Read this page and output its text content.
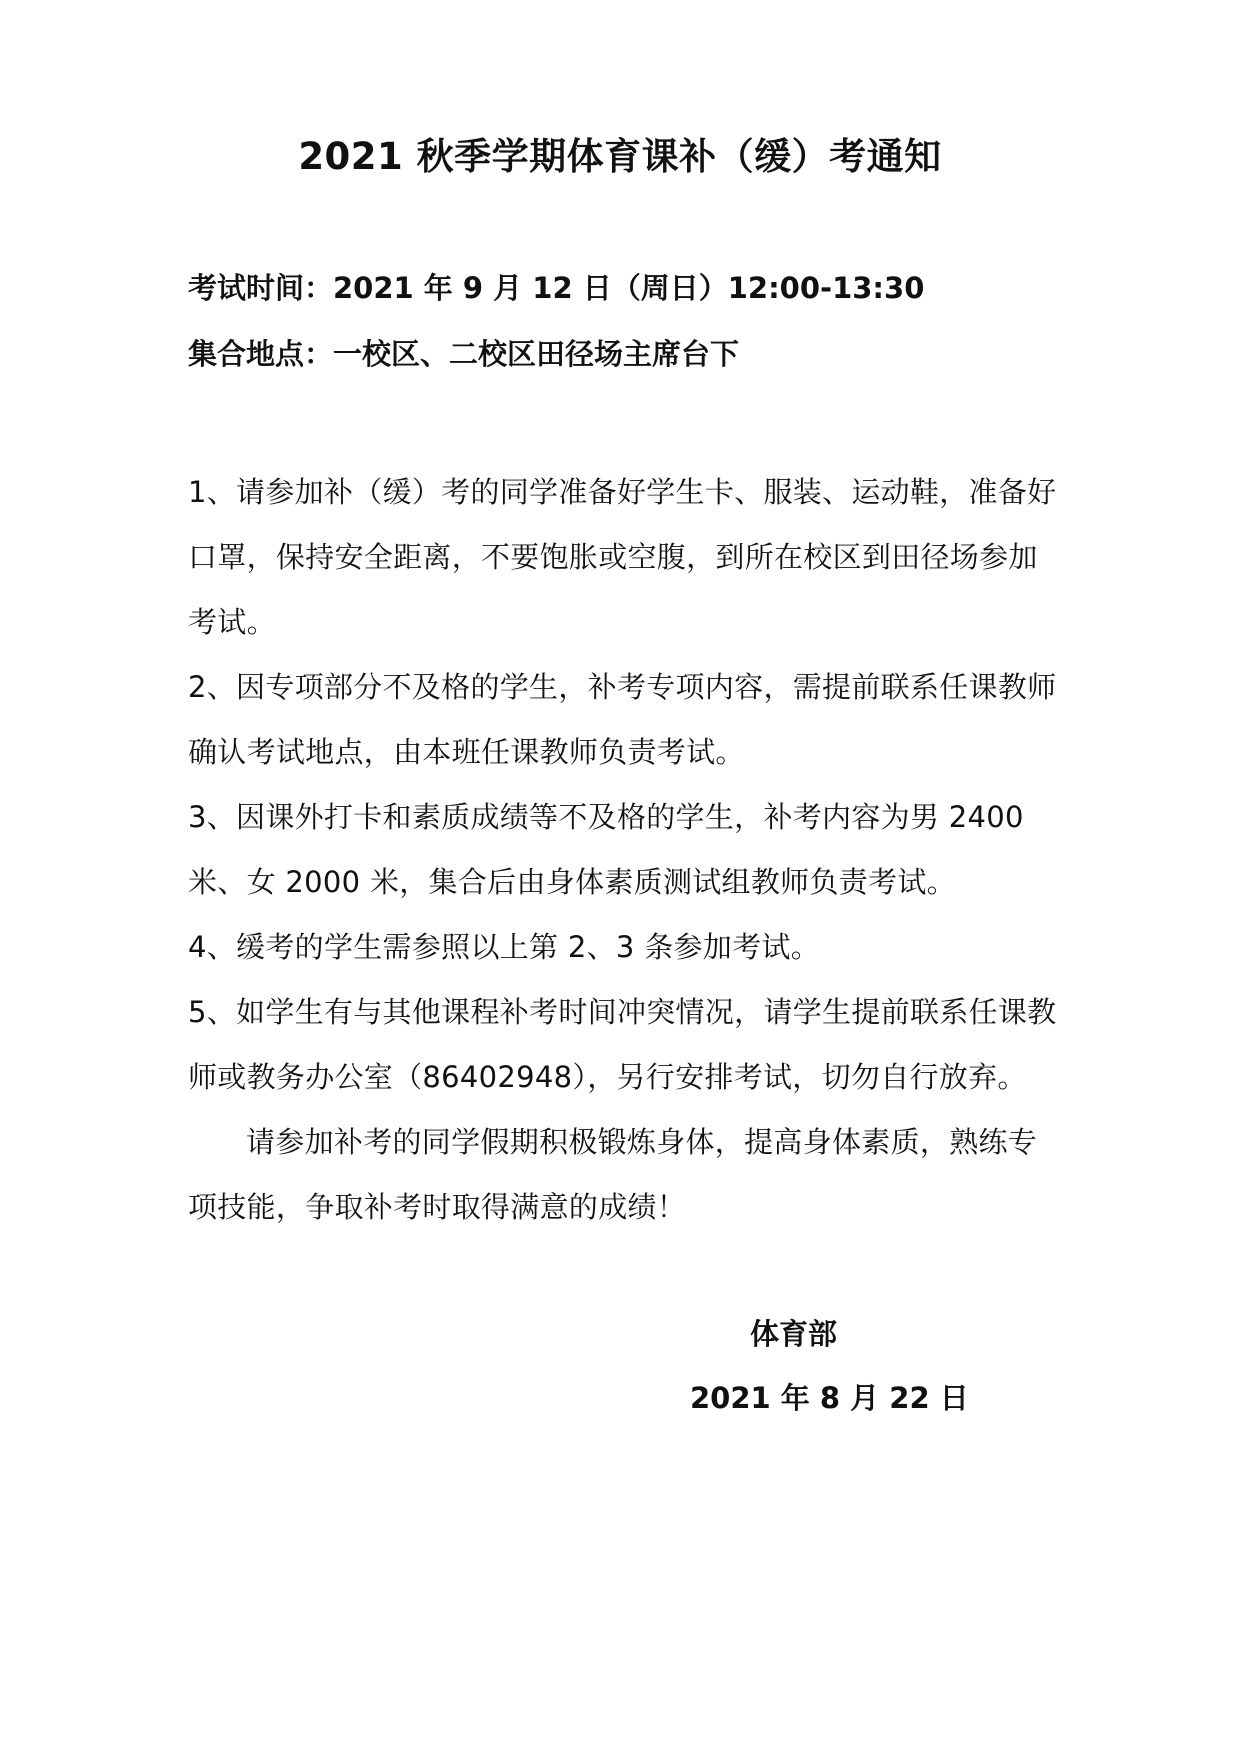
2021 秋季学期体育课补（缓）考通知
考试时间：2021 年 9 月 12 日（周日）12:00-13:30
集合地点：一校区、二校区田径场主席台下

1、请参加补（缓）考的同学准备好学生卡、服装、运动鞋，准备好口罩，保持安全距离，不要饱胀或空腹，到所在校区到田径场参加考试。

2、因专项部分不及格的学生，补考专项内容，需提前联系任课教师确认考试地点，由本班任课教师负责考试。

3、因课外打卡和素质成绩等不及格的学生，补考内容为男 2400 米、女 2000 米，集合后由身体素质测试组教师负责考试。

4、缓考的学生需参照以上第 2、3 条参加考试。

5、如学生有与其他课程补考时间冲突情况，请学生提前联系任课教师或教务办公室（86402948），另行安排考试，切勿自行放弃。

请参加补考的同学假期积极锻炼身体，提高身体素质，熟练专项技能，争取补考时取得满意的成绩！

体育部
2021 年 8 月 22 日
